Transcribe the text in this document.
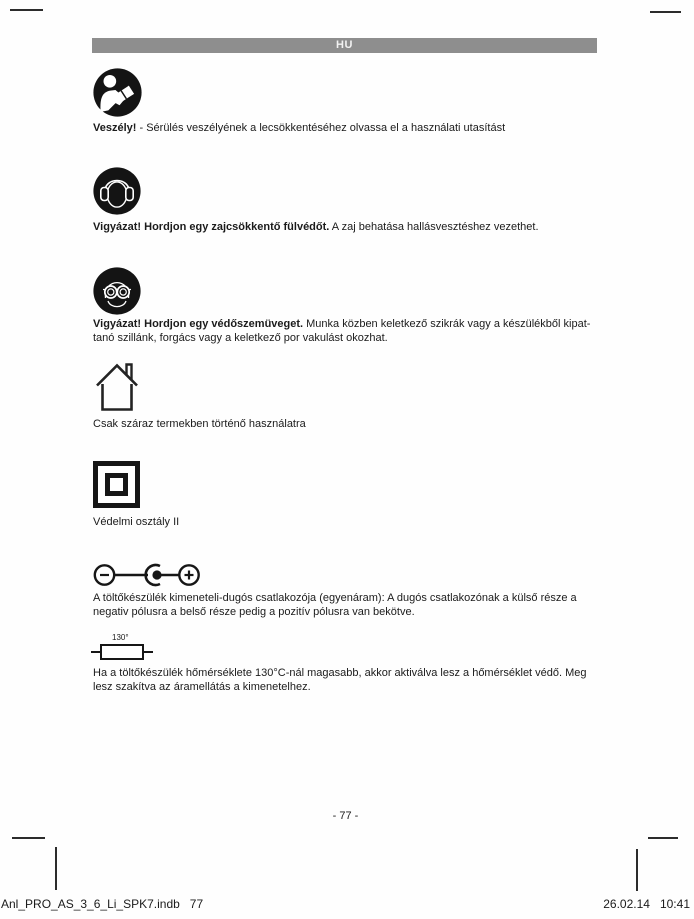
HU

Veszély! - Sérülés veszélyének a lecsökkentéséhez olvassa el a használati utasítást

Vigyázat! Hordjon egy zajcsökkentő fülvédőt. A zaj behatása hallásvesztéshez vezethet.

Vigyázat! Hordjon egy védőszemüveget. Munka közben keletkező szikrák vagy a készülékből kipat-tanó szillánk, forgács vagy a keletkező por vakulást okozhat.

Csak száraz termekben történő használatra

Védelmi osztály II

A töltőkészülék kimeneteli-dugós csatlakozója (egyenáram): A dugós csatlakozónak a külső része a negativ pólusra a belső része pedig a pozitív pólusra van bekötve.

130°

Ha a töltőkészülék hőmérséklete 130°C-nál magasabb, akkor aktiválva lesz a hőmérséklet védő. Meg lesz szakítva az áramellátás a kimenetelhez.

- 77 -
Anl_PRO_AS_3_6_Li_SPK7.indb   77	26.02.14   10:41
